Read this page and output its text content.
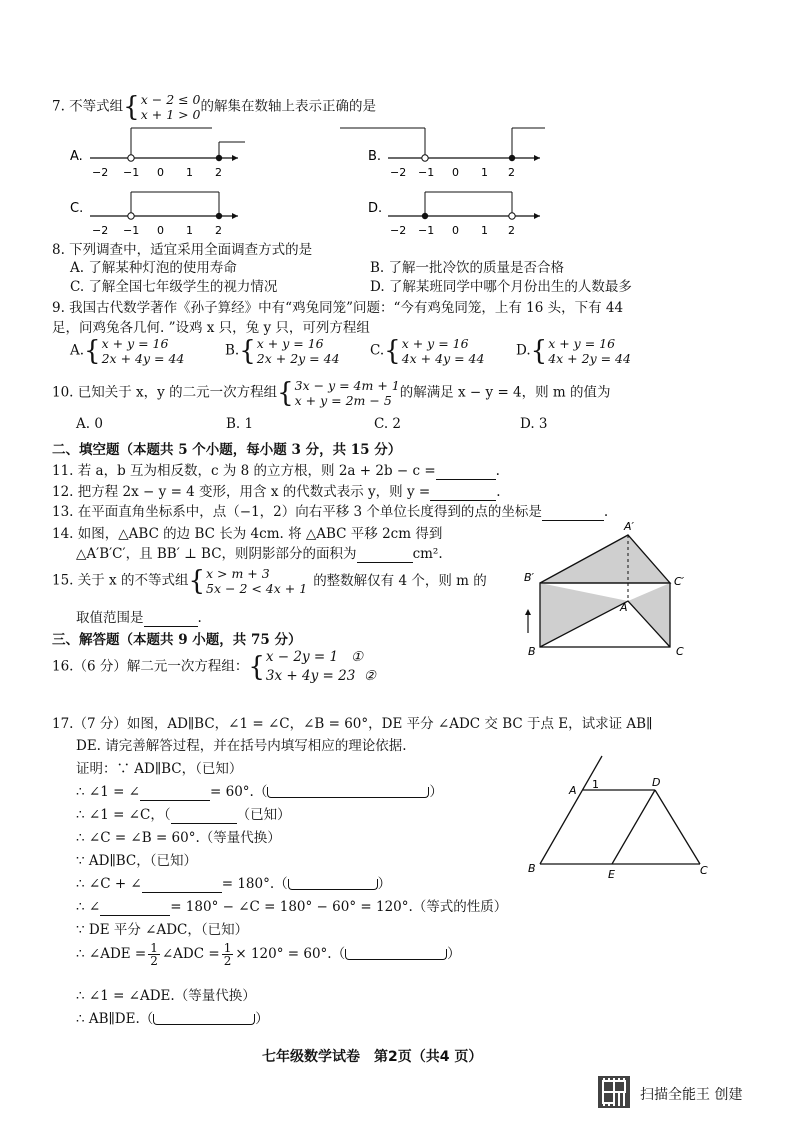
7. 不等式组 { x − 2 ≤ 0
x + 1 > 0 的解集在数轴上表示正确的是
A.
−2 −1 0 1 2
B.
−2 −1 0 1 2
C.
−2 −1 0 1 2
D.
−2 −1 0 1 2
8. 下列调查中，适宜采用全面调查方式的是
A. 了解某种灯泡的使用寿命	B. 了解一批冷饮的质量是否合格
C. 了解全国七年级学生的视力情况	D. 了解某班同学中哪个月份出生的人数最多
9. 我国古代数学著作《孙子算经》中有“鸡兔同笼”问题：“今有鸡兔同笼，上有 16 头，下有 44
足，问鸡兔各几何. ”设鸡 x 只，兔 y 只，可列方程组
A. { x + y = 16
2x + 4y = 44	B. { x + y = 16
2x + 2y = 44 C. { x + y = 16
4x + 4y = 44 D. { x + y = 16
4x + 2y = 44
10. 已知关于 x，y 的二元一次方程组 { 3x − y = 4m + 1
x + y = 2m − 5 的解满足 x − y = 4，则 m 的值为
A. 0	B. 1	C. 2	D. 3
二、填空题（本题共 5 个小题，每小题 3 分，共 15 分）
11. 若 a，b 互为相反数，c 为 8 的立方根，则 2a + 2b − c =	.
12. 把方程 2x − y = 4 变形，用含 x 的代数式表示 y，则 y =	.
13. 在平面直角坐标系中，点（−1，2）向右平移 3 个单位长度得到的点的坐标是	.
14. 如图，△ABC 的边 BC 长为 4cm. 将 △ABC 平移 2cm 得到
△A′B′C′，且 BB′ ⊥ BC，则阴影部分的面积为	cm².
A′
B′	C′
A
B	C
15. 关于 x 的不等式组 { x > m + 3
5x − 2 < 4x + 1 的整数解仅有 4 个，则 m 的
取值范围是	.
三、解答题（本题共 9 小题，共 75 分）
16.（6 分）解二元一次方程组： { x − 2y = 1 ①
3x + 4y = 23 ②
17.（7 分）如图，AD∥BC，∠1 = ∠C，∠B = 60°，DE 平分 ∠ADC 交 BC 于点 E，试求证 AB∥
DE. 请完善解答过程，并在括号内填写相应的理论依据.
证明：∵ AD∥BC，（已知）
∴ ∠1 = ∠	= 60°.（	）
∴ ∠1 = ∠C，（	（已知）
∴ ∠C = ∠B = 60°.（等量代换）
∵ AD∥BC，（已知）
∴ ∠C + ∠	= 180°.（	）
∴ ∠	= 180° − ∠C = 180° − 60° = 120°.（等式的性质）
∵ DE 平分 ∠ADC，（已知）
∴ ∠ADE = $\frac{1}{2}$ ∠ADC = $\frac{1}{2} \times 120^\circ = 60^\circ$.（	）
∴ ∠1 = ∠ADE.（等量代换）
∴ AB∥DE.（	）
A 1	D
B	E	C
七年级数学试卷　第2页（共4 页）
扫描全能王 创建
